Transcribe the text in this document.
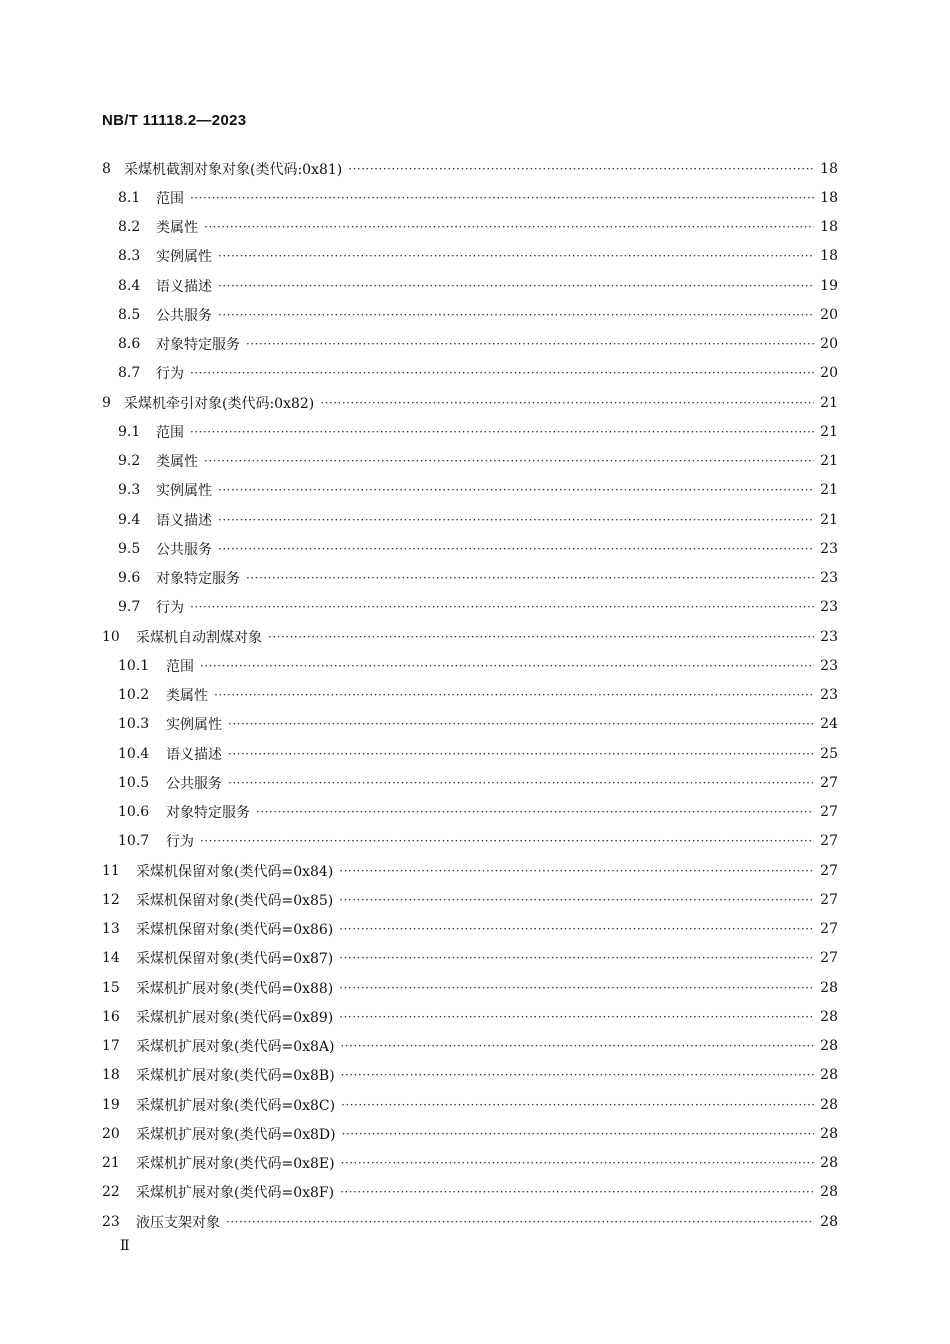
NB/T 11118.2—2023
8 采煤机截割对象对象(类代码:0x81) ·····	18
8.1	范围 ·····	18
8.2	类属性 ·····	18
8.3	实例属性 ·····	18
8.4	语义描述 ·····	19
8.5	公共服务 ·····	20
8.6	对象特定服务 ·····	20
8.7	行为 ·····	20
9 采煤机牵引对象(类代码:0x82) ·····	21
9.1	范围 ·····	21
9.2	类属性 ·····	21
9.3	实例属性 ·····	21
9.4	语义描述 ·····	21
9.5	公共服务 ·····	23
9.6	对象特定服务 ·····	23
9.7	行为 ·····	23
10	采煤机自动割煤对象 ·····	23
10.1	范围 ·····	23
10.2	类属性 ·····	23
10.3	实例属性 ·····	24
10.4	语义描述 ·····	25
10.5	公共服务 ·····	27
10.6	对象特定服务 ·····	27
10.7	行为 ·····	27
11	采煤机保留对象(类代码=0x84) ·····	27
12	采煤机保留对象(类代码=0x85) ·····	27
13	采煤机保留对象(类代码=0x86) ·····	27
14	采煤机保留对象(类代码=0x87) ·····	27
15	采煤机扩展对象(类代码=0x88) ·····	28
16	采煤机扩展对象(类代码=0x89) ·····	28
17	采煤机扩展对象(类代码=0x8A) ·····	28
18	采煤机扩展对象(类代码=0x8B) ·····	28
19	采煤机扩展对象(类代码=0x8C) ·····	28
20	采煤机扩展对象(类代码=0x8D) ·····	28
21	采煤机扩展对象(类代码=0x8E) ·····	28
22	采煤机扩展对象(类代码=0x8F) ·····	28
23	液压支架对象 ·····	28
Ⅱ
